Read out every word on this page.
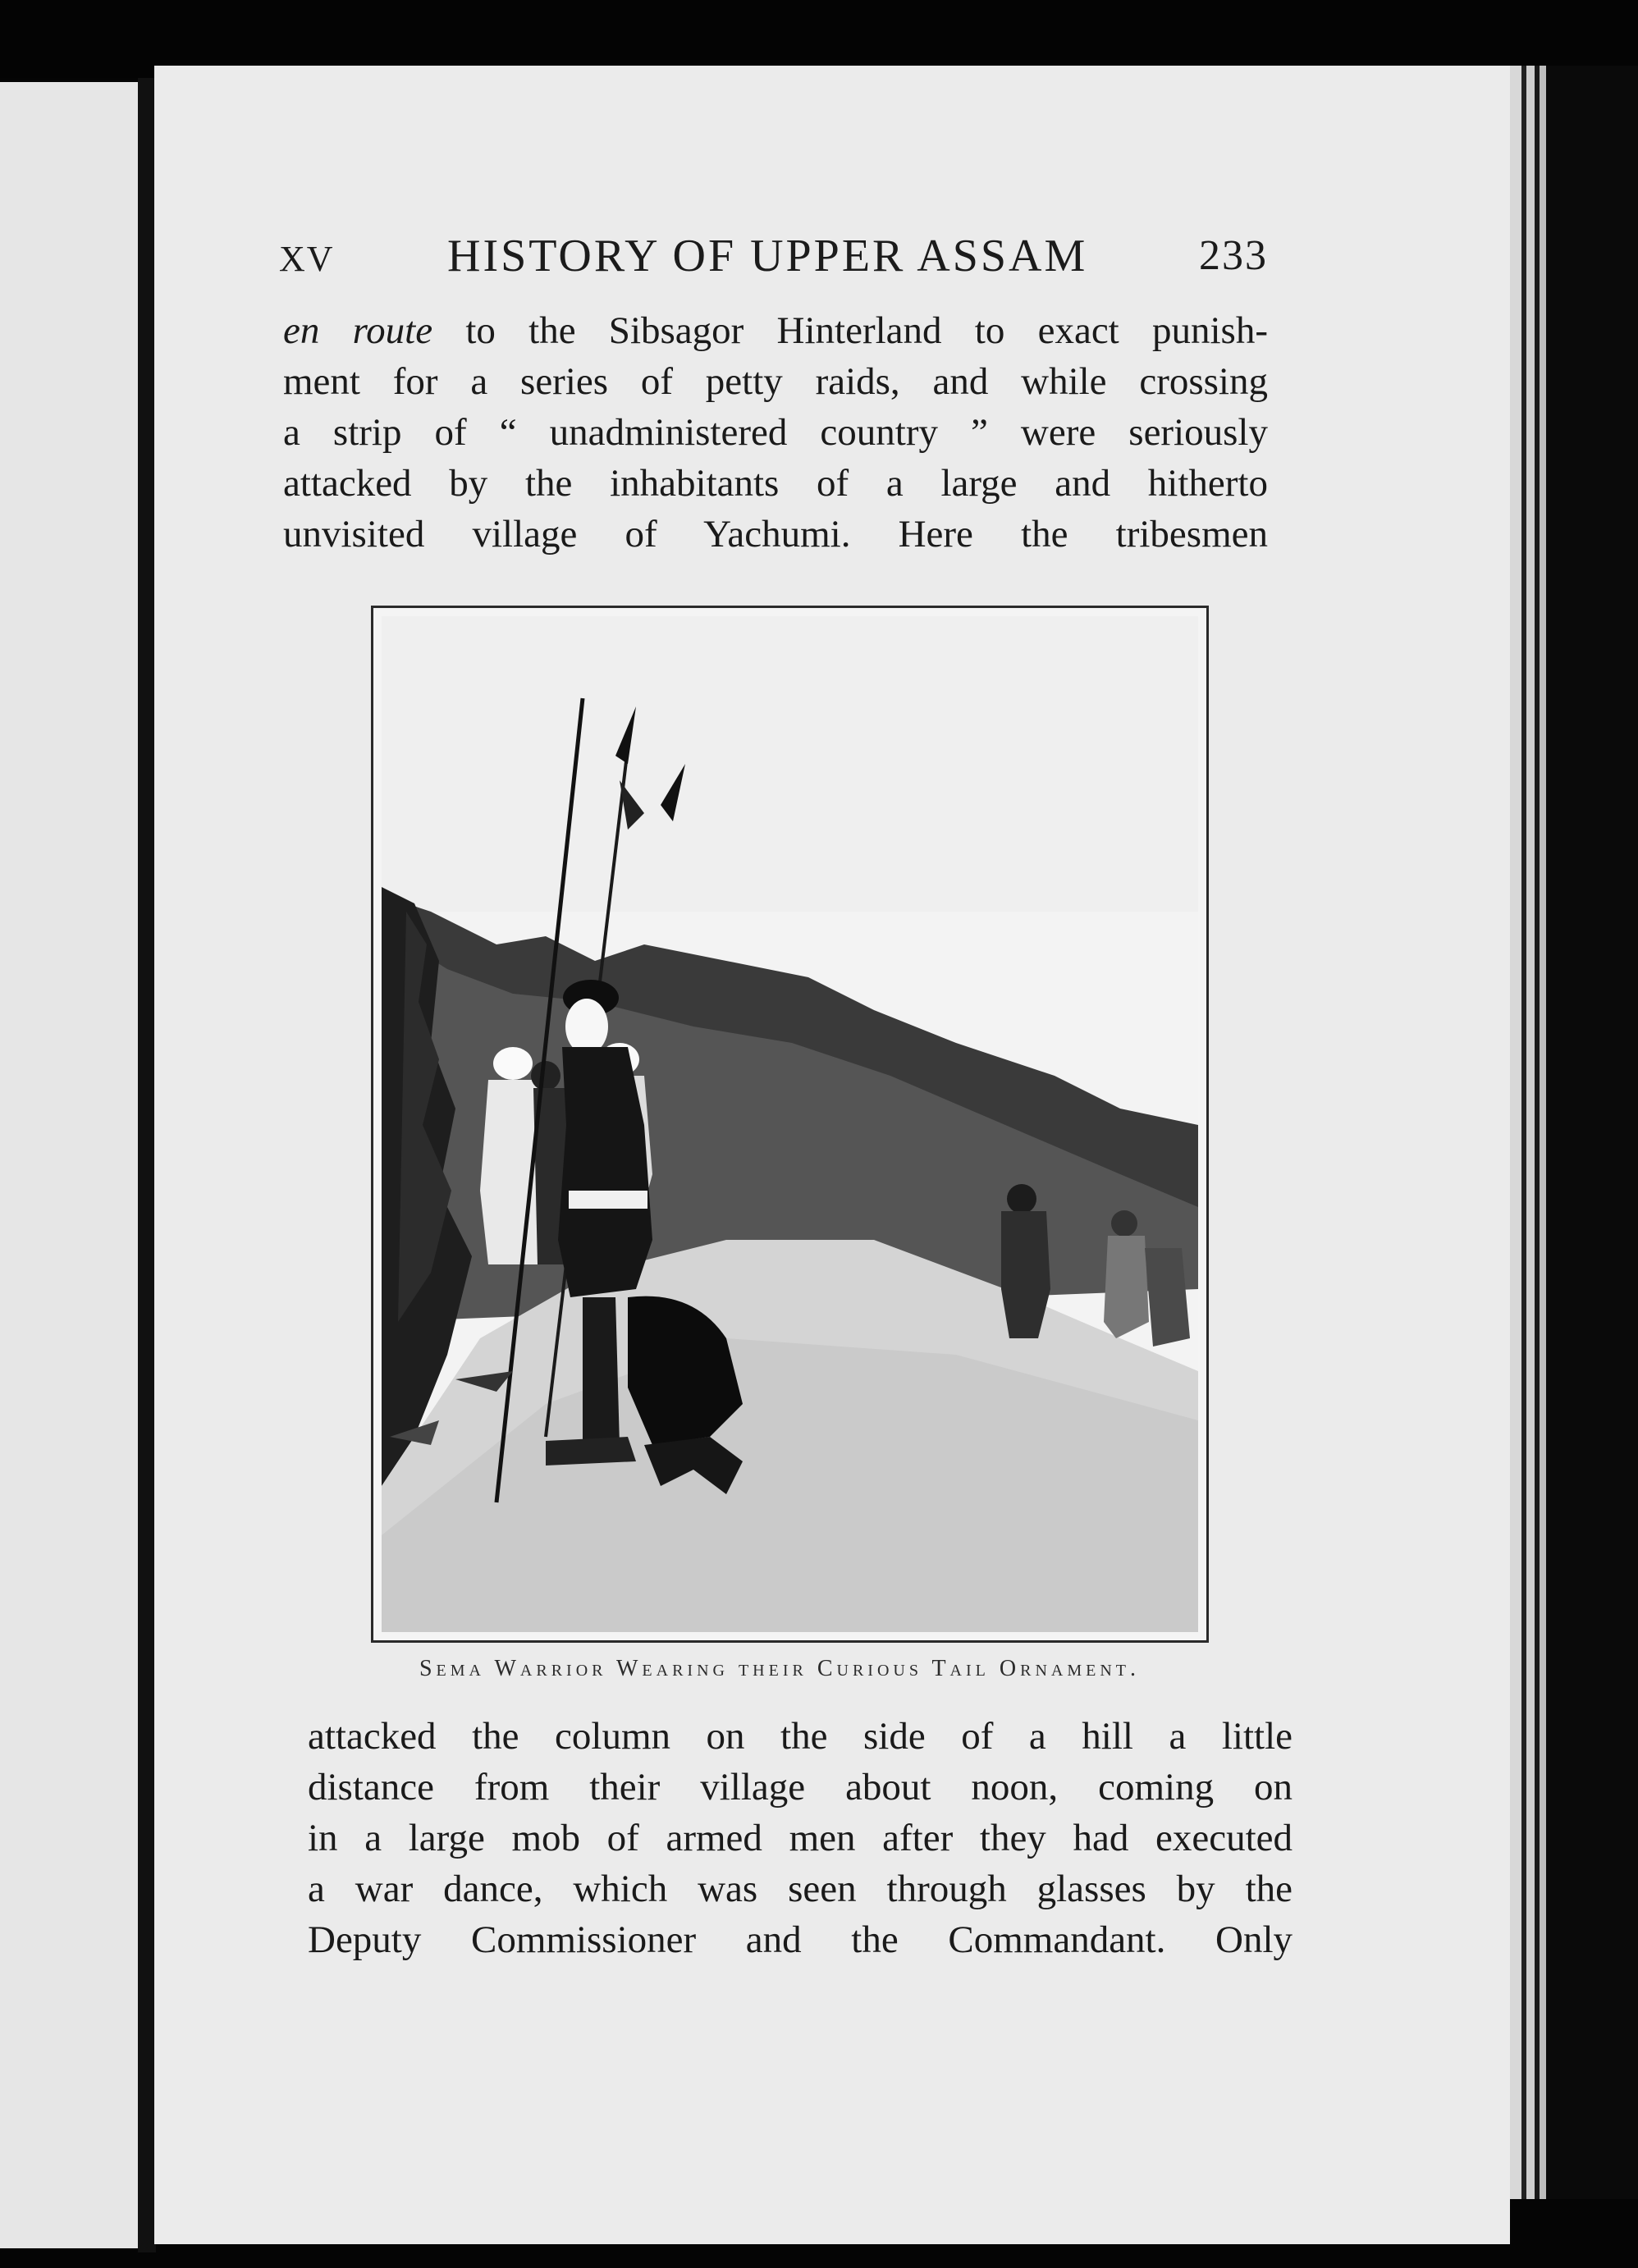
XV HISTORY OF UPPER ASSAM	233
en route to the Sibsagor Hinterland to exact punish-
ment for a series of petty raids, and while crossing
a strip of “ unadministered country ” were seriously
attacked by the inhabitants of a large and hitherto
unvisited village of Yachumi. Here the tribesmen
Sema Warrior Wearing their Curious Tail Ornament.
attacked the column on the side of a hill a little
distance from their village about noon, coming on
in a large mob of armed men after they had executed
a war dance, which was seen through glasses by the
Deputy Commissioner and the Commandant. Only
